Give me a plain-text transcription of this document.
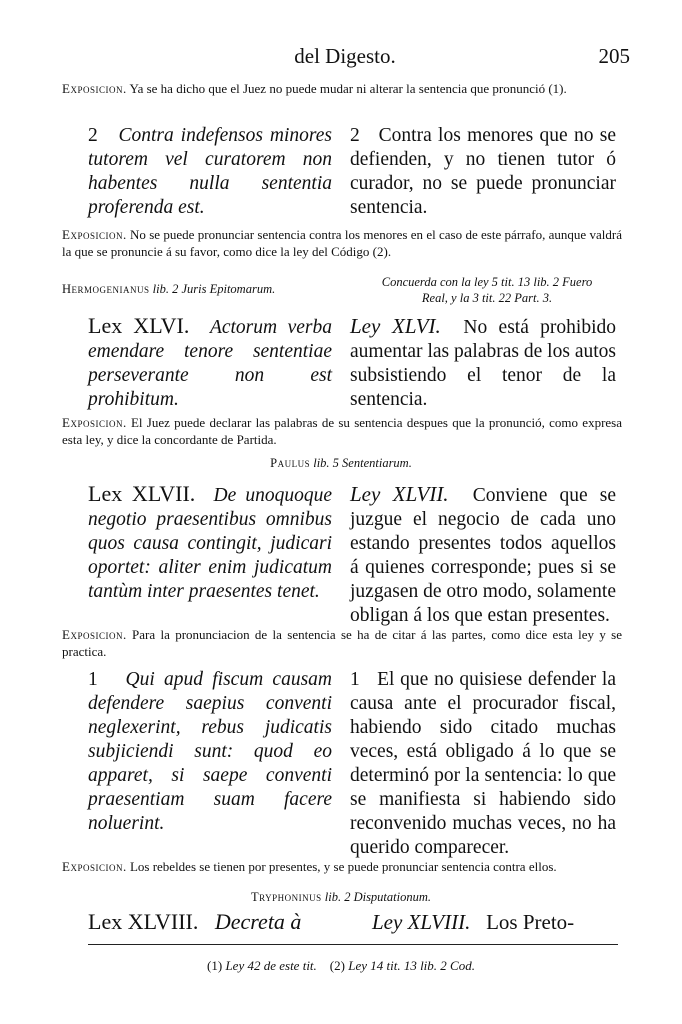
del Digesto.	205
Exposicion. Ya se ha dicho que el Juez no puede mudar ni alterar la sentencia que pronunció (1).
2 Contra indefensos minores tutorem vel curatorem non habentes nulla sententia proferenda est.
2 Contra los menores que no se defienden, y no tienen tutor ó curador, no se puede pronunciar sentencia.
Exposicion. No se puede pronunciar sentencia contra los menores en el caso de este párrafo, aunque valdrá la que se pronuncie á su favor, como dice la ley del Código (2).
Hermogenianus lib. 2 Juris Epitomarum.	Concuerda con la ley 5 tit. 13 lib. 2 Fuero
Real, y la 3 tit. 22 Part. 3.
Lex XLVI. Actorum verba emendare tenore sententiae perseverante non est prohibitum.
Ley XLVI. No está prohibido aumentar las palabras de los autos subsistiendo el tenor de la sentencia.
Exposicion. El Juez puede declarar las palabras de su sentencia despues que la pronunció, como expresa esta ley, y dice la concordante de Partida.
Paulus lib. 5 Sententiarum.
Lex XLVII. De unoquoque negotio praesentibus omnibus quos causa contingit, judicari oportet: aliter enim judicatum tantùm inter praesentes tenet.
Ley XLVII. Conviene que se juzgue el negocio de cada uno estando presentes todos aquellos á quienes corresponde; pues si se juzgasen de otro modo, solamente obligan á los que estan presentes.
Exposicion. Para la pronunciacion de la sentencia se ha de citar á las partes, como dice esta ley y se practica.
1 Qui apud fiscum causam defendere saepius conventi neglexerint, rebus judicatis subjiciendi sunt: quod eo apparet, si saepe conventi praesentiam suam facere noluerint.
1 El que no quisiese defender la causa ante el procurador fiscal, habiendo sido citado muchas veces, está obligado á lo que se determinó por la sentencia: lo que se manifiesta si habiendo sido reconvenido muchas veces, no ha querido comparecer.
Exposicion. Los rebeldes se tienen por presentes, y se puede pronunciar sentencia contra ellos.
Tryphoninus lib. 2 Disputationum.
Lex XLVIII. Decreta à	Ley XLVIII. Los Preto-
(1) Ley 42 de este tit. (2) Ley 14 tit. 13 lib. 2 Cod.
